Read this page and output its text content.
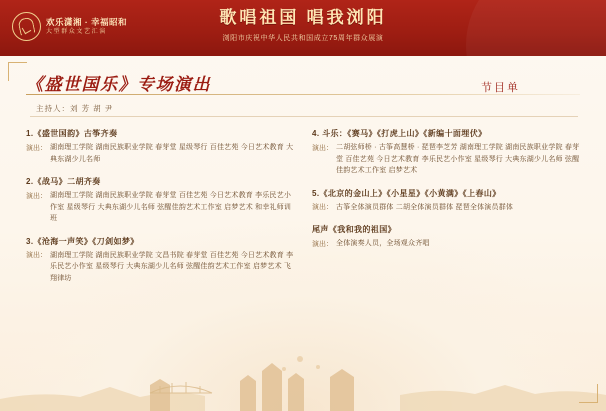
欢乐潇湘 · 幸福昭和
大型群众文艺汇演
歌唱祖国 唱我浏阳
浏阳市庆祝中华人民共和国成立75周年群众展演
《盛世国乐》专场演出	节目单
主持人：刘 芳 胡 尹
1.《盛世国韵》古筝齐奏
演出： 湖南理工学院 湖南民族职业学院 春芽堂 星级琴行 百佳艺苑 今日艺术教育 大典东湖少儿名师
2.《战马》二胡齐奏
演出： 湖南理工学院 湖南民族职业学院 春芽堂 百佳艺苑 今日艺术教育 李乐民艺小作室 星级琴行 大典东湖少儿名师 弦醒佳韵艺术工作室 启梦艺术 和幸礼师训班
3.《沧海一声笑》《刀剑如梦》
演出： 湖南理工学院 湖南民族职业学院 文昌书院 春芽堂 百佳艺苑 今日艺术教育 李乐民艺小作室 星级琴行 大典东湖少儿名师 弦醒佳韵艺术工作室 启梦艺术 飞翔律坊
4. 斗乐：《赛马》《打虎上山》《新编十面埋伏》
演出： 二胡弦师桥 · 古筝高慧桥 · 琵琶李芝芳 湖南理工学院 湖南民族职业学院 春芽堂 百佳艺苑 今日艺术教育 李乐民艺小作室 星级琴行 大典东湖少儿名师 弦醒佳韵艺术工作室 启梦艺术
5.《北京的金山上》《小星星》《小黄满》《上春山》
演出： 古筝全体演员群体 二胡全体演员群体 琵琶全体演员群体
尾声《我和我的祖国》
演出： 全体演奏人员，全场观众齐唱
